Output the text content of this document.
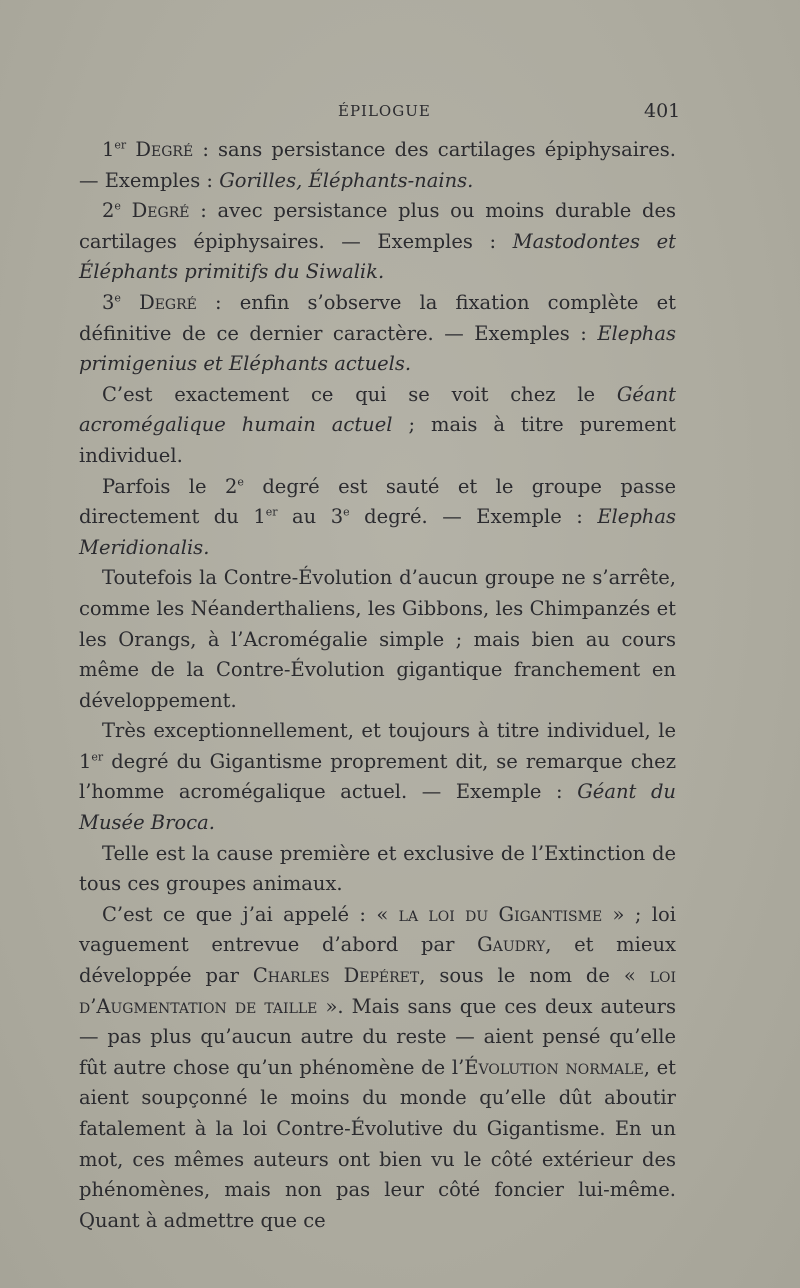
ÉPILOGUE	401

1er Degré : sans persistance des cartilages épiphysaires. — Exemples : Gorilles, Éléphants-nains.

2e Degré : avec persistance plus ou moins durable des cartilages épiphysaires. — Exemples : Mastodontes et Éléphants primitifs du Siwalik.

3e Degré : enfin s’observe la fixation complète et définitive de ce dernier caractère. — Exemples : Elephas primigenius et Eléphants actuels.

C’est exactement ce qui se voit chez le Géant acromégalique humain actuel ; mais à titre purement individuel.

Parfois le 2e degré est sauté et le groupe passe directement du 1er au 3e degré. — Exemple : Elephas Meridionalis.

Toutefois la Contre-Évolution d’aucun groupe ne s’arrête, comme les Néanderthaliens, les Gibbons, les Chimpanzés et les Orangs, à l’Acromégalie simple ; mais bien au cours même de la Contre-Évolution gigantique franchement en développement.

Très exceptionnellement, et toujours à titre individuel, le 1er degré du Gigantisme proprement dit, se remarque chez l’homme acromégalique actuel. — Exemple : Géant du Musée Broca.

Telle est la cause première et exclusive de l’Extinction de tous ces groupes animaux.

C’est ce que j’ai appelé : « la loi du Gigantisme » ; loi vaguement entrevue d’abord par Gaudry, et mieux développée par Charles Depéret, sous le nom de « loi d’Augmentation de taille ». Mais sans que ces deux auteurs — pas plus qu’aucun autre du reste — aient pensé qu’elle fût autre chose qu’un phénomène de l’Évolution normale, et aient soupçonné le moins du monde qu’elle dût aboutir fatalement à la loi Contre-Évolutive du Gigantisme. En un mot, ces mêmes auteurs ont bien vu le côté extérieur des phénomènes, mais non pas leur côté foncier lui-même. Quant à admettre que ce
